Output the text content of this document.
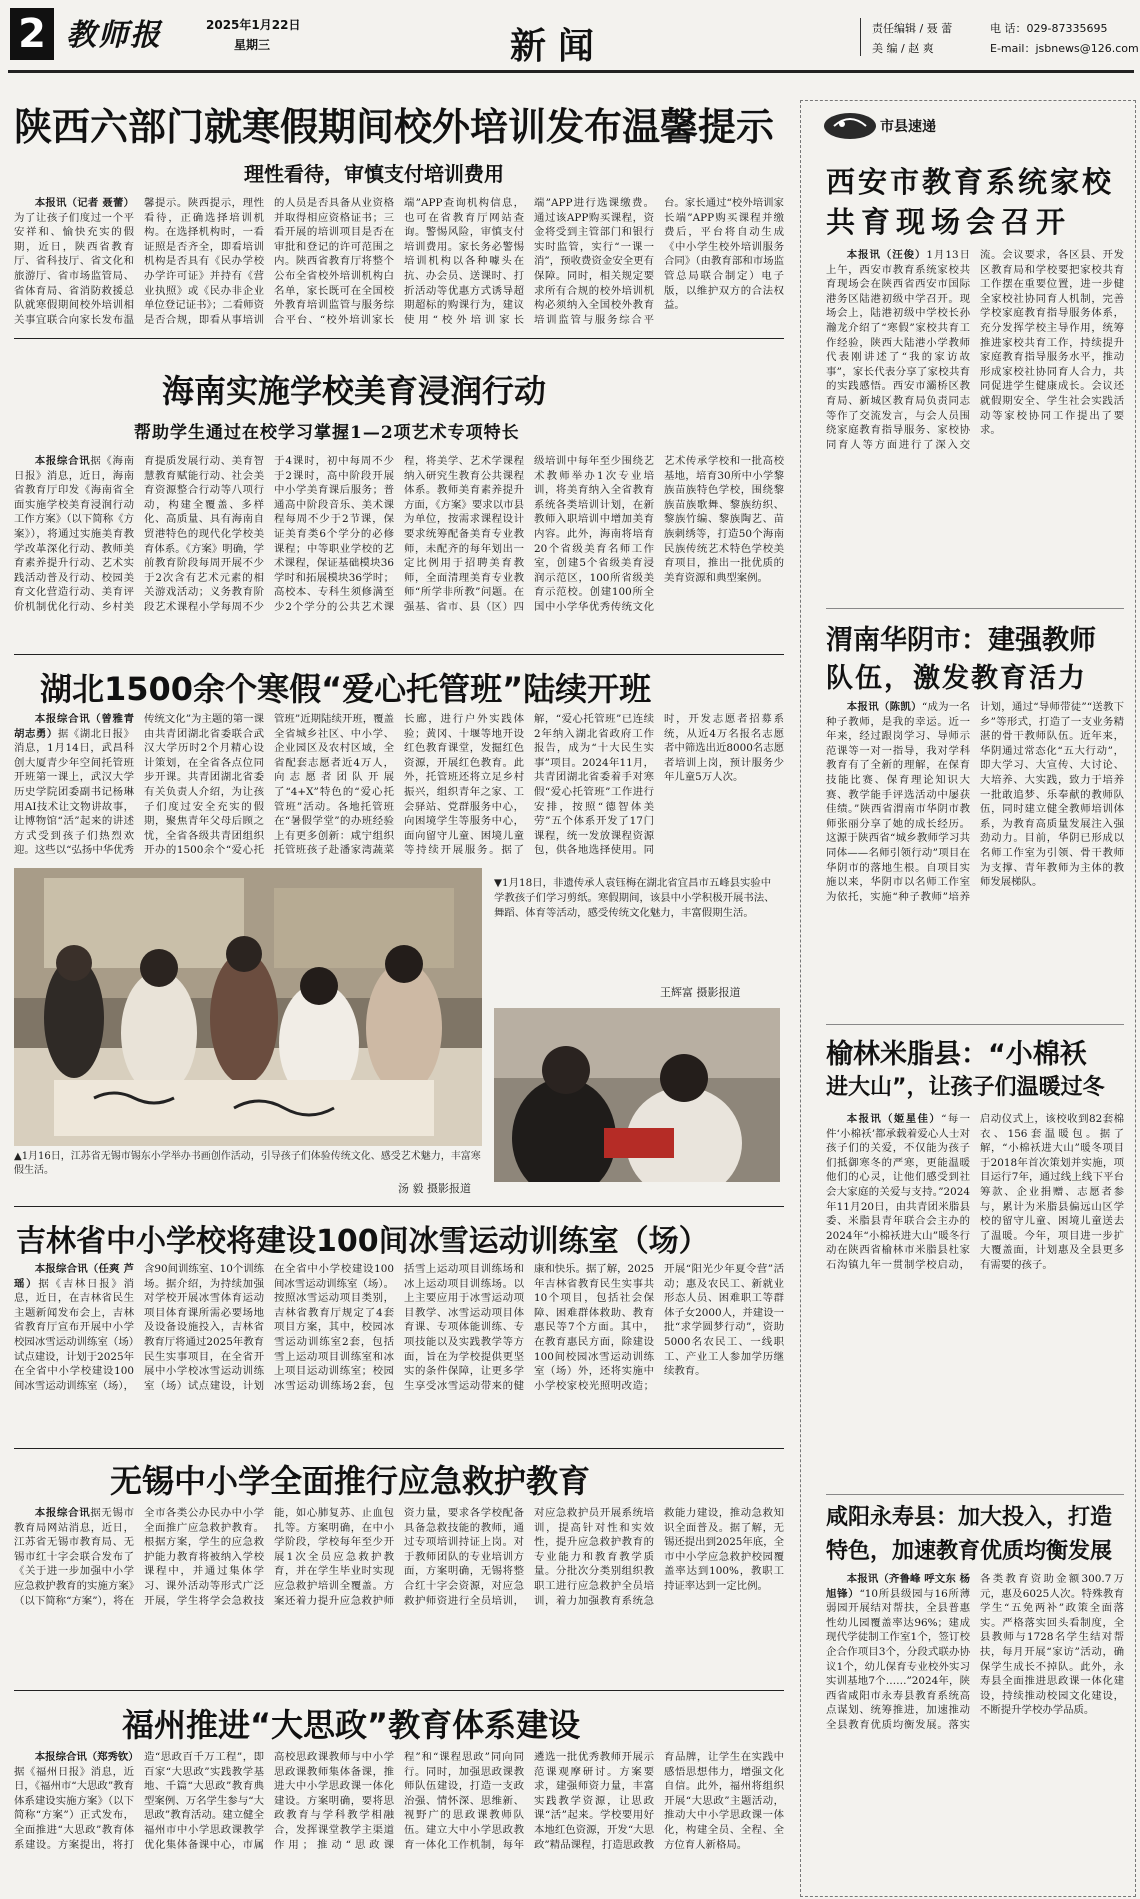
2 教师报	2025年1月22日
星期三	新闻	责任编辑 / 聂 蕾	电 话：029-87335695
美 编 / 赵 爽	E-mail：jsbnews@126.com
陕西六部门就寒假期间校外培训发布温馨提示
理性看待，审慎支付培训费用

本报讯（记者 聂蕾）为了让孩子们度过一个平安祥和、愉快充实的假期，近日，陕西省教育厅、省科技厅、省文化和旅游厅、省市场监管局、省体育局、省消防救援总队就寒假期间校外培训相关事宜联合向家长发布温馨提示。陕西提示，理性看待，正确选择培训机构。在选择机构时，一看证照是否齐全，即看培训机构是否具有《民办学校办学许可证》并持有《营业执照》或《民办非企业单位登记证书》；二看师资是否合规，即看从事培训的人员是否具备从业资格并取得相应资格证书；三看开展的培训项目是否在审批和登记的许可范围之内。陕西省教育厅将整个公布全省校外培训机构白名单，家长既可在全国校外教育培训监管与服务综合平台、“校外培训家长端”APP查询机构信息，也可在省教育厅网站查询。警惕风险，审慎支付培训费用。家长务必警惕培训机构以各种噱头在抗、办会员、送课时、打折活动等优惠方式诱导超期超标的购课行为，建议使用“校外培训家长端”APP进行选课缴费。通过该APP购买课程，资金将受到主管部门和银行实时监管，实行“一课一消”，预收费资金安全更有保障。同时，相关规定要求所有合规的校外培训机构必须纳入全国校外教育培训监管与服务综合平台。家长通过“校外培训家长端”APP购买课程并缴费后，平台将自动生成《中小学生校外培训服务合同》（由教育部和市场监管总局联合制定）电子版，以维护双方的合法权益。

海南实施学校美育浸润行动
帮助学生通过在校学习掌握1—2项艺术专项特长

本报综合讯据《海南日报》消息，近日，海南省教育厅印发《海南省全面实施学校美育浸润行动工作方案》（以下简称《方案》），将通过实施美育教学改革深化行动、教师美育素养提升行动、艺术实践活动普及行动、校园美育文化营造行动、美育评价机制优化行动、乡村美育提质发展行动、美育智慧教育赋能行动、社会美育资源整合行动等八项行动，构建全覆盖、多样化、高质量、具有海南自贸港特色的现代化学校美育体系。《方案》明确，学前教育阶段每周开展不少于2次含有艺术元素的相关游戏活动；义务教育阶段艺术课程小学每周不少于4课时，初中每周不少于2课时，高中阶段开展中小学美育课后服务；普通高中阶段音乐、美术课程每周不少于2节课，保证美育类6个学分的必修课程；中等职业学校的艺术课程，保证基础模块36学时和拓展模块36学时；高校本、专科生须修满至少2个学分的公共艺术课程，将美学、艺术学课程纳入研究生教育公共课程体系。教师美育素养提升方面，《方案》要求以市县为单位，按需求课程设计要求统筹配备美育专业教师，未配齐的每年划出一定比例用于招聘美育教师，全面清理美育专业教师“所学非所教”问题。在强基、省市、县（区）四级培训中每年至少围绕艺术教师举办1次专业培训，将美育纳入全省教育系统各类培训计划，在新教师入职培训中增加美育内容。此外，海南将培育20个省级美育名师工作室，创建5个省级美育浸润示范区，100所省级美育示范校。创建100所全国中小学华优秀传统文化艺术传承学校和一批高校基地，培育30所中小学黎族苗族特色学校，围绕黎族苗族歌舞、黎族纺织、黎族竹编、黎族陶艺、苗族刺绣等，打造50个海南民族传统艺术特色学校美育项目，推出一批优质的美育资源和典型案例。

湖北1500余个寒假“爱心托管班”陆续开班

本报综合讯（曾雅青 胡志勇）据《湖北日报》消息，1月14日，武昌科创大厦青少年空间托管班开班第一课上，武汉大学历史学院团委副书记杨琳用AI技术让文物讲故事，让博物馆“活”起来的讲述方式受到孩子们热烈欢迎。这些以“弘扬中华优秀传统文化”为主题的第一课由共青团湖北省委联合武汉大学历时2个月精心设计策划，在全省各点位同步开课。共青团湖北省委有关负责人介绍，为让孩子们度过安全充实的假期，聚焦青年父母后顾之忧，全省各级共青团组织开办的1500余个“爱心托管班”近期陆续开班，覆盖全省城乡社区、中小学、企业园区及农村区域，全省配套志愿者近4万人，向志愿者团队开展了“4+X”特色的“爱心托管班”活动。各地托管班在“暑假学堂”的办班经验上有更多创新：咸宁组织托管班孩子赴潘家湾蔬菜长廊，进行户外实践体验；黄冈、十堰等地开设红色教育课堂，发掘红色资源，开展红色教育。此外，托管班还将立足乡村振兴，组织青年之家、工会驿站、党群服务中心，向困境学生等服务中心，面向留守儿童、困境儿童等持续开展服务。据了解，“爱心托管班”已连续2年纳入湖北省政府工作报告，成为“十大民生实事”项目。2024年11月，共青团湖北省委着手对寒假“爱心托管班”工作进行安排，按照“德智体美劳”五个体系开发了17门课程，统一发放课程资源包，供各地选择使用。同时，开发志愿者招募系统，从近4万名报名志愿者中筛选出近8000名志愿者培训上岗，预计服务少年儿童5万人次。

▲1月16日，江苏省无锡市锡东小学举办书画创作活动，引导孩子们体验传统文化、感受艺术魅力，丰富寒假生活。
汤 毅 摄影报道
▼1月18日，非遗传承人袁钰梅在湖北省宜昌市五峰县实验中学教孩子们学习剪纸。寒假期间，该县中小学积极开展书法、舞蹈、体育等活动，感受传统文化魅力，丰富假期生活。
王辉富 摄影报道
吉林省中小学校将建设100间冰雪运动训练室（场）

本报综合讯（任爽 芦瑶）据《吉林日报》消息，近日，在吉林省民生主题新闻发布会上，吉林省教育厅宣布开展中小学校园冰雪运动训练室（场）试点建设，计划于2025年在全省中小学校建设100间冰雪运动训练室（场），含90间训练室、10个训练场。据介绍，为持续加强对学校开展冰雪体育运动项目体育课所需必要场地及设备设施投入，吉林省教育厅将通过2025年教育民生实事项目，在全省开展中小学校冰雪运动训练室（场）试点建设，计划在全省中小学校建设100间冰雪运动训练室（场）。按照冰雪运动项目类别，吉林省教育厅规定了4套项目方案，其中，校园冰雪运动训练室2套，包括雪上运动项目训练室和冰上项目运动训练室；校园冰雪运动训练场2套，包括雪上运动项目训练场和冰上运动项目训练场。以上主要应用于冰雪运动项目教学、冰雪运动项目体育课、专项体能训练、专项技能以及实践教学等方面，旨在为学校提供更坚实的条件保障，让更多学生享受冰雪运动带来的健康和快乐。据了解，2025年吉林省教育民生实事共10个项目，包括社会保障、困难群体救助、教育惠民等7个方面。其中，在教育惠民方面，除建设100间校园冰雪运动训练室（场）外，还将实施中小学校家校光照明改造；开展“阳光少年夏令营”活动；惠及农民工、新就业形态人员、困难职工等群体子女2000人，并建设一批“求学圆梦行动”，资助5000名农民工、一线职工、产业工人参加学历继续教育。

无锡中小学全面推行应急救护教育

本报综合讯据无锡市教育局网站消息，近日，江苏省无锡市教育局、无锡市红十字会联合发布了《关于进一步加强中小学应急救护教育的实施方案》（以下简称“方案”），将在全市各类公办民办中小学全面推广应急救护教育。根据方案，学生的应急救护能力教育将被纳入学校课程中，并通过集体学习、课外活动等形式广泛开展，学生将学会急救技能，如心肺复苏、止血包扎等。方案明确，在中小学阶段，学校每年至少开展1次全员应急救护教育，并在学生毕业时实现应急救护培训全覆盖。方案还着力提升应急救护师资力量，要求各学校配备具备急救技能的教师，通过专项培训持证上岗。对于教师团队的专业培训方面，方案明确，无锡将整合红十字会资源，对应急救护师资进行全员培训，对应急救护员开展系统培训，提高针对性和实效性，提升应急救护教育的专业能力和教育教学质量。分批次分类别组织教职工进行应急救护全员培训，着力加强教育系统急救能力建设，推动急救知识全面普及。据了解，无锡还提出到2025年底，全市中小学应急救护校园覆盖率达到100%，教职工持证率达到一定比例。

福州推进“大思政”教育体系建设

本报综合讯（郑秀钦）据《福州日报》消息，近日，《福州市“大思政”教育体系建设实施方案》（以下简称“方案”）正式发布，全面推进“大思政”教育体系建设。方案提出，将打造“思政百千万工程”，即百家“大思政”实践教学基地、千篇“大思政”教育典型案例、万名学生参与“大思政”教育活动。建立健全福州市中小学思政课教学优化集体备课中心，市属高校思政课教师与中小学思政课教师集体备课，推进大中小学思政课一体化建设。方案明确，要将思政教育与学科教学相融合，发挥课堂教学主渠道作用；推动“思政课程”和“课程思政”同向同行。同时，加强思政课教师队伍建设，打造一支政治强、情怀深、思维新、视野广的思政课教师队伍。建立大中小学思政教育一体化工作机制，每年遴选一批优秀教师开展示范课观摩研讨。方案要求，建强师资力量，丰富实践教学资源，让思政课“活”起来。学校要用好本地红色资源，开发“大思政”精品课程，打造思政教育品牌，让学生在实践中感悟思想伟力，增强文化自信。此外，福州将组织开展“大思政”主题活动，推动大中小学思政课一体化，构建全员、全程、全方位育人新格局。

市县速递
西安市教育系统家校
共育现场会召开

本报讯（汪俊）1月13日上午，西安市教育系统家校共育现场会在陕西省西安市国际港务区陆港初级中学召开。现场会上，陆港初级中学校长孙瀚龙介绍了“寒假”家校共育工作经验，陕西大陆港小学教师代表刚讲述了“我的家访故事”，家长代表分享了家校共育的实践感悟。西安市灞桥区教育局、新城区教育局负责同志等作了交流发言，与会人员围绕家庭教育指导服务、家校协同育人等方面进行了深入交流。会议要求，各区县、开发区教育局和学校要把家校共育工作摆在重要位置，进一步健全家校社协同育人机制，完善学校家庭教育指导服务体系，充分发挥学校主导作用，统筹推进家校共育工作，持续提升家庭教育指导服务水平，推动形成家校社协同育人合力，共同促进学生健康成长。会议还就假期安全、学生社会实践活动等家校协同工作提出了要求。

渭南华阴市：建强教师
队伍，激发教育活力

本报讯（陈凯）“成为一名种子教师，是我的幸运。近一年来，经过跟岗学习、导师示范课等一对一指导，我对学科教育有了全新的理解，在保育技能比赛、保育理论知识大赛、教学能手评选活动中屡获佳绩。”陕西省渭南市华阴市教师张丽分享了她的成长经历。这源于陕西省“城乡教师学习共同体——名师引领行动”项目在华阴市的落地生根。自项目实施以来，华阴市以名师工作室为依托，实施“种子教师”培养计划，通过“导师带徒”“送教下乡”等形式，打造了一支业务精湛的骨干教师队伍。近年来，华阴通过常态化“五大行动”，即大学习、大宣传、大讨论、大培养、大实践，致力于培养一批敢追梦、乐奉献的教师队伍，同时建立健全教师培训体系，为教育高质量发展注入强劲动力。目前，华阴已形成以名师工作室为引领、骨干教师为支撑、青年教师为主体的教师发展梯队。

榆林米脂县：“小棉袄
进大山”，让孩子们温暖过冬

本报讯（姬星佳）“每一件‘小棉袄’都承载着爱心人士对孩子们的关爱，不仅能为孩子们抵御寒冬的严寒，更能温暖他们的心灵，让他们感受到社会大家庭的关爱与支持。”2024年11月20日，由共青团米脂县委、米脂县青年联合会主办的2024年“小棉袄进大山”暖冬行动在陕西省榆林市米脂县杜家石沟镇九年一贯制学校启动，启动仪式上，该校收到82套棉衣、156套温暖包。据了解，“小棉袄进大山”暖冬项目于2018年首次策划并实施，项目运行7年，通过线上线下平台筹款、企业捐赠、志愿者参与，累计为米脂县偏远山区学校的留守儿童、困境儿童送去了温暖。今年，项目进一步扩大覆盖面，计划惠及全县更多有需要的孩子。

咸阳永寿县：加大投入，打造
特色，加速教育优质均衡发展

本报讯（齐鲁峰 呼文东 杨旭锋）“10所县级园与16所薄弱园开展结对帮扶，全县普惠性幼儿园覆盖率达96%；建成现代学徒制工作室1个，签订校企合作项目3个，分段式联办协议1个，幼儿保育专业校外实习实训基地7个……”2024年，陕西省咸阳市永寿县教育系统高点谋划、统筹推进，加速推动全县教育优质均衡发展。落实各类教育资助金额300.7万元，惠及6025人次。特殊教育学生“五免两补”政策全面落实。严格落实回头看制度，全县教师与1728名学生结对帮扶，每月开展“家访”活动，确保学生成长不掉队。此外，永寿县全面推进思政课一体化建设，持续推动校园文化建设，不断提升学校办学品质。
